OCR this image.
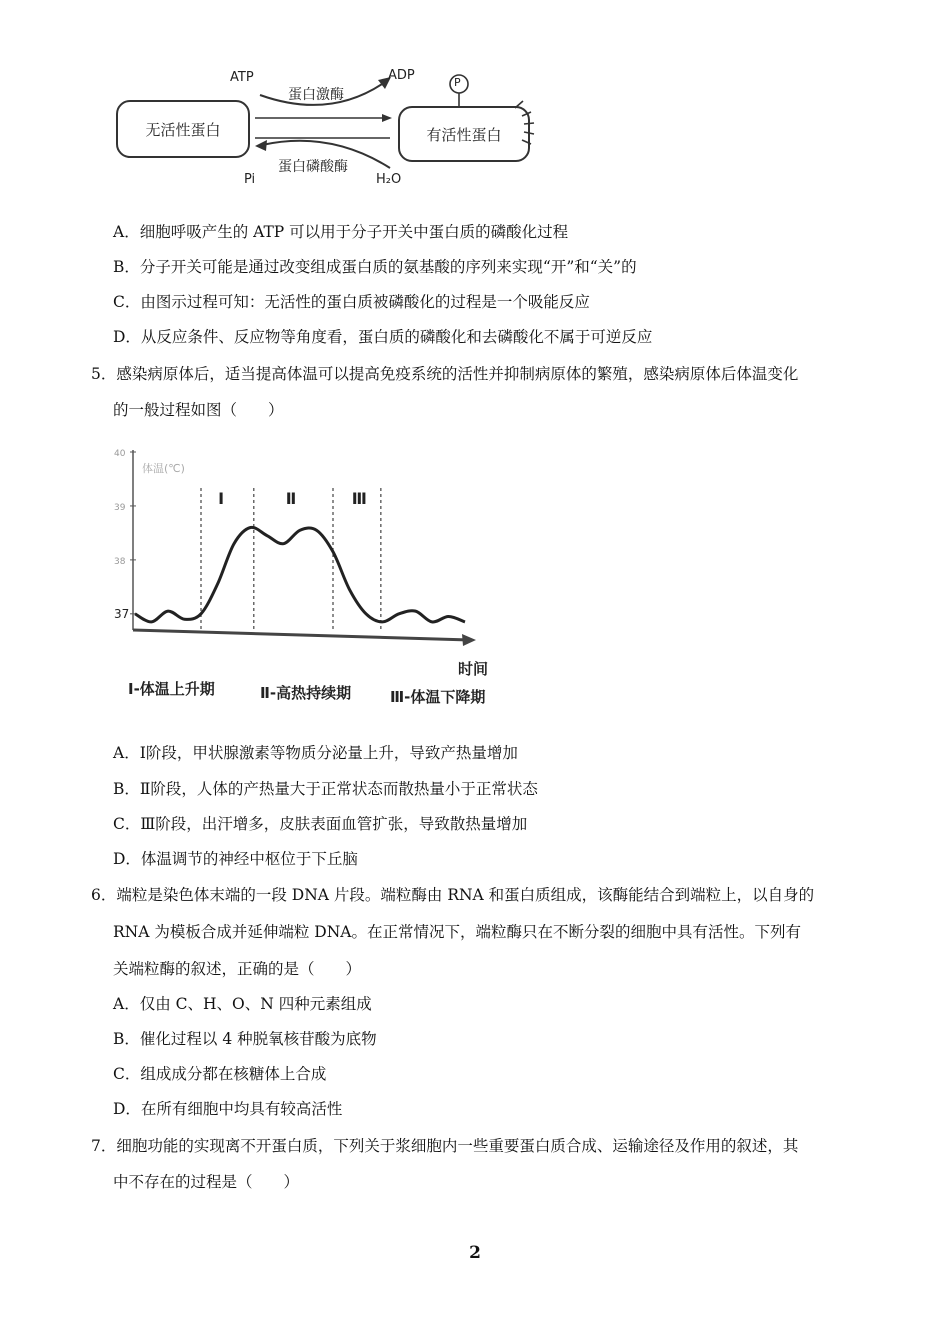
无活性蛋白	有活性蛋白
P
ATP	ADP
蛋白激酶
蛋白磷酸酶
Pi	H₂O
A．细胞呼吸产生的 ATP 可以用于分子开关中蛋白质的磷酸化过程
B．分子开关可能是通过改变组成蛋白质的氨基酸的序列来实现“开”和“关”的
C．由图示过程可知：无活性的蛋白质被磷酸化的过程是一个吸能反应
D．从反应条件、反应物等角度看，蛋白质的磷酸化和去磷酸化不属于可逆反应
5．感染病原体后，适当提高体温可以提高免疫系统的活性并抑制病原体的繁殖，感染病原体后体温变化
的一般过程如图（　　）
体温(℃)
40
39
38
37
Ⅰ	Ⅱ	Ⅲ
时间
Ⅰ-体温上升期	Ⅱ-高热持续期	Ⅲ-体温下降期
A．Ⅰ阶段，甲状腺激素等物质分泌量上升，导致产热量增加
B．Ⅱ阶段，人体的产热量大于正常状态而散热量小于正常状态
C．Ⅲ阶段，出汗增多，皮肤表面血管扩张，导致散热量增加
D．体温调节的神经中枢位于下丘脑
6．端粒是染色体末端的一段 DNA 片段。端粒酶由 RNA 和蛋白质组成，该酶能结合到端粒上，以自身的
RNA 为模板合成并延伸端粒 DNA。在正常情况下，端粒酶只在不断分裂的细胞中具有活性。下列有
关端粒酶的叙述，正确的是（　　）
A．仅由 C、H、O、N 四种元素组成
B．催化过程以 4 种脱氧核苷酸为底物
C．组成成分都在核糖体上合成
D．在所有细胞中均具有较高活性
7．细胞功能的实现离不开蛋白质，下列关于浆细胞内一些重要蛋白质合成、运输途径及作用的叙述，其
中不存在的过程是（　　）
2
